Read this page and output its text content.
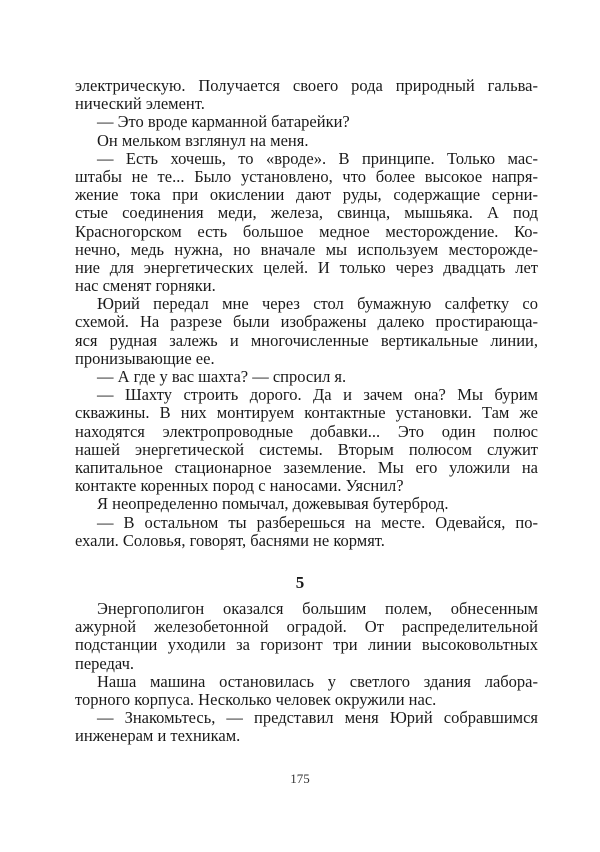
электрическую. Получается своего рода природный гальва-
нический элемент.
— Это вроде карманной батарейки?
Он мельком взглянул на меня.
— Есть хочешь, то «вроде». В принципе. Только мас-
штабы не те... Было установлено, что более высокое напря-
жение тока при окислении дают руды, содержащие серни-
стые соединения меди, железа, свинца, мышьяка. А под
Красногорском есть большое медное месторождение. Ко-
нечно, медь нужна, но вначале мы используем месторожде-
ние для энергетических целей. И только через двадцать лет
нас сменят горняки.
Юрий передал мне через стол бумажную салфетку со
схемой. На разрезе были изображены далеко простирающа-
яся рудная залежь и многочисленные вертикальные линии,
пронизывающие ее.
— А где у вас шахта? — спросил я.
— Шахту строить дорого. Да и зачем она? Мы бурим
скважины. В них монтируем контактные установки. Там же
находятся электропроводные добавки... Это один полюс
нашей энергетической системы. Вторым полюсом служит
капитальное стационарное заземление. Мы его уложили на
контакте коренных пород с наносами. Уяснил?
Я неопределенно помычал, дожевывая бутерброд.
— В остальном ты разберешься на месте. Одевайся, по-
ехали. Соловья, говорят, баснями не кормят.
5
Энергополигон оказался большим полем, обнесенным
ажурной железобетонной оградой. От распределительной
подстанции уходили за горизонт три линии высоковольтных
передач.
Наша машина остановилась у светлого здания лабора-
торного корпуса. Несколько человек окружили нас.
— Знакомьтесь, — представил меня Юрий собравшимся
инженерам и техникам.
175
